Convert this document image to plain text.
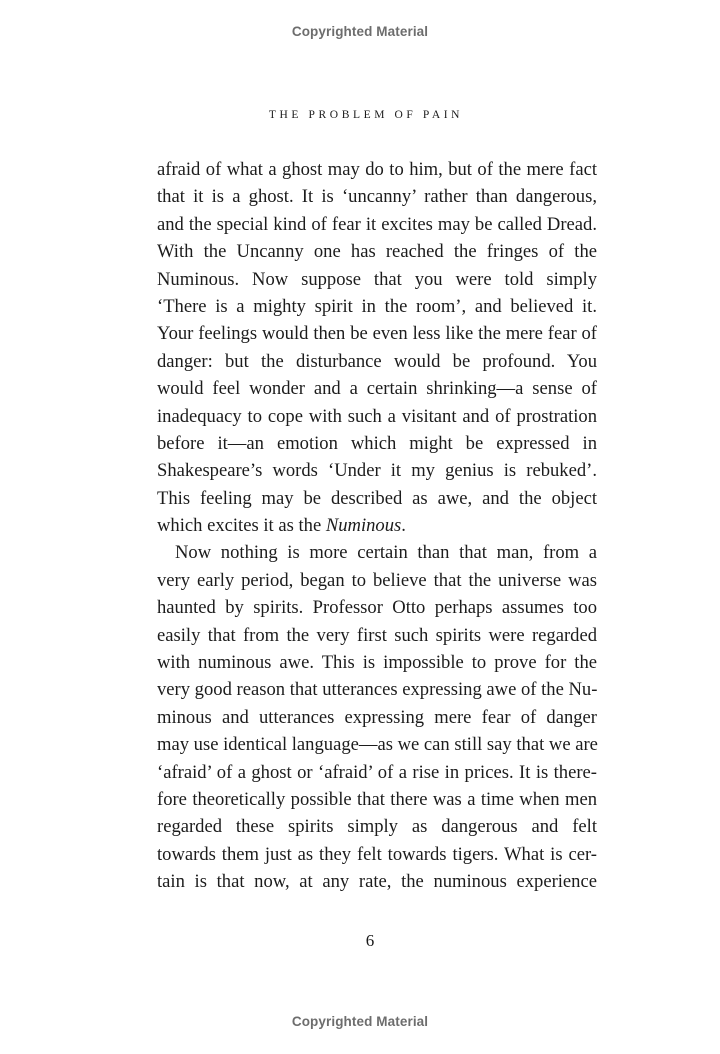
Copyrighted Material
THE PROBLEM OF PAIN
afraid of what a ghost may do to him, but of the mere fact
that it is a ghost. It is ‘uncanny’ rather than dangerous,
and the special kind of fear it excites may be called Dread.
With the Uncanny one has reached the fringes of the
Numinous. Now suppose that you were told simply
‘There is a mighty spirit in the room’, and believed it.
Your feelings would then be even less like the mere fear of
danger: but the disturbance would be profound. You
would feel wonder and a certain shrinking—a sense of
inadequacy to cope with such a visitant and of prostration
before it—an emotion which might be expressed in
Shakespeare’s words ‘Under it my genius is rebuked’.
This feeling may be described as awe, and the object
which excites it as the Numinous.
Now nothing is more certain than that man, from a
very early period, began to believe that the universe was
haunted by spirits. Professor Otto perhaps assumes too
easily that from the very first such spirits were regarded
with numinous awe. This is impossible to prove for the
very good reason that utterances expressing awe of the Nu-
minous and utterances expressing mere fear of danger
may use identical language—as we can still say that we are
‘afraid’ of a ghost or ‘afraid’ of a rise in prices. It is there-
fore theoretically possible that there was a time when men
regarded these spirits simply as dangerous and felt
towards them just as they felt towards tigers. What is cer-
tain is that now, at any rate, the numinous experience
6
Copyrighted Material
